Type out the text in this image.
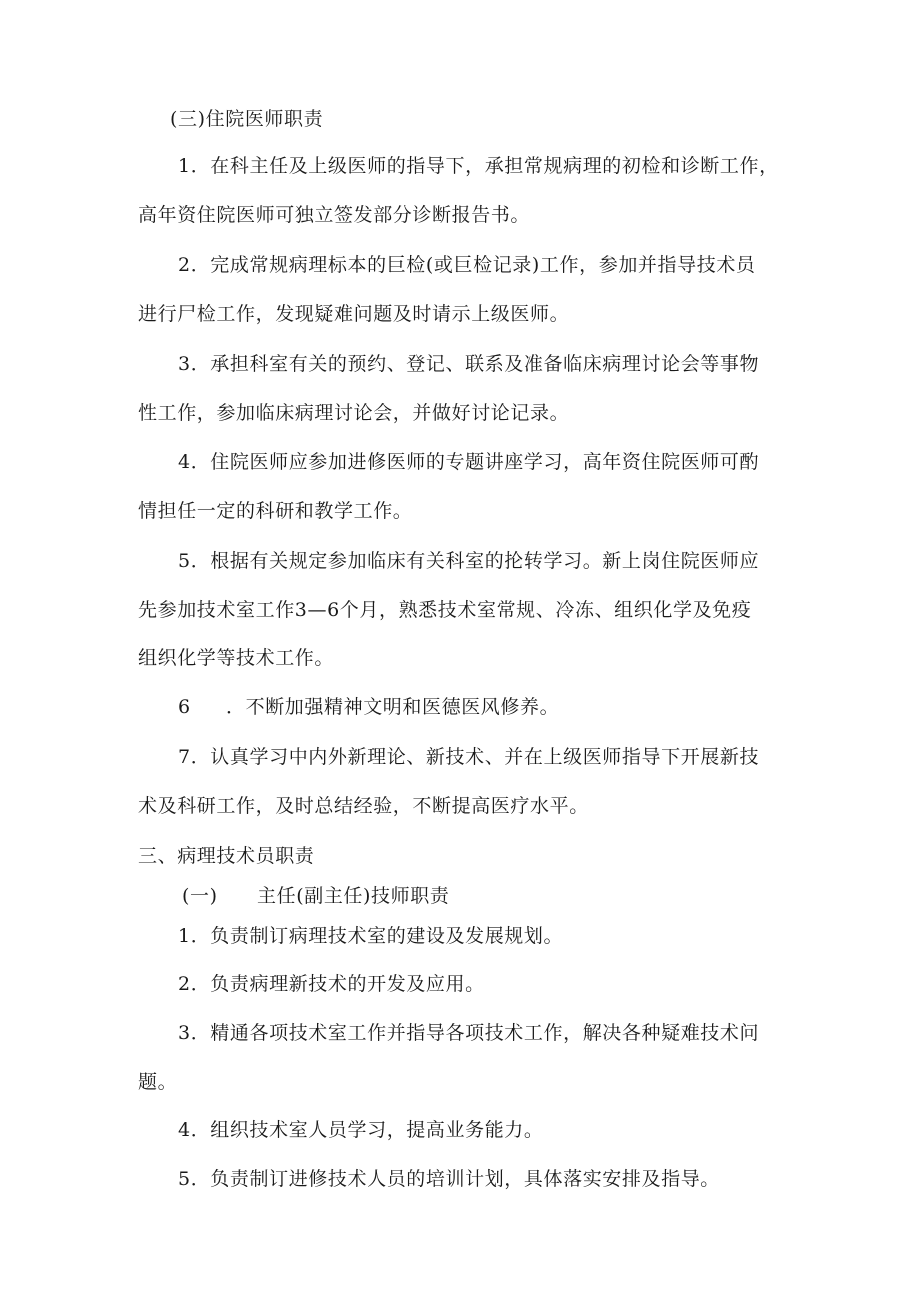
(三)住院医师职责
1．在科主任及上级医师的指导下，承担常规病理的初检和诊断工作，
高年资住院医师可独立签发部分诊断报告书。
2．完成常规病理标本的巨检(或巨检记录)工作，参加并指导技术员
进行尸检工作，发现疑难问题及时请示上级医师。
3．承担科室有关的预约、登记、联系及准备临床病理讨论会等事物
性工作，参加临床病理讨论会，并做好讨论记录。
4．住院医师应参加进修医师的专题讲座学习，高年资住院医师可酌
情担任一定的科研和教学工作。
5．根据有关规定参加临床有关科室的抡转学习。新上岗住院医师应
先参加技术室工作3—6个月，熟悉技术室常规、冷冻、组织化学及免疫
组织化学等技术工作。
6 ．不断加强精神文明和医德医风修养。
7．认真学习中内外新理论、新技术、并在上级医师指导下开展新技
术及科研工作，及时总结经验，不断提高医疗水平。
三、病理技术员职责
(一) 主任(副主任)技师职责
1．负责制订病理技术室的建设及发展规划。
2．负责病理新技术的开发及应用。
3．精通各项技术室工作并指导各项技术工作，解决各种疑难技术问
题。
4．组织技术室人员学习，提高业务能力。
5．负责制订进修技术人员的培训计划，具体落实安排及指导。
